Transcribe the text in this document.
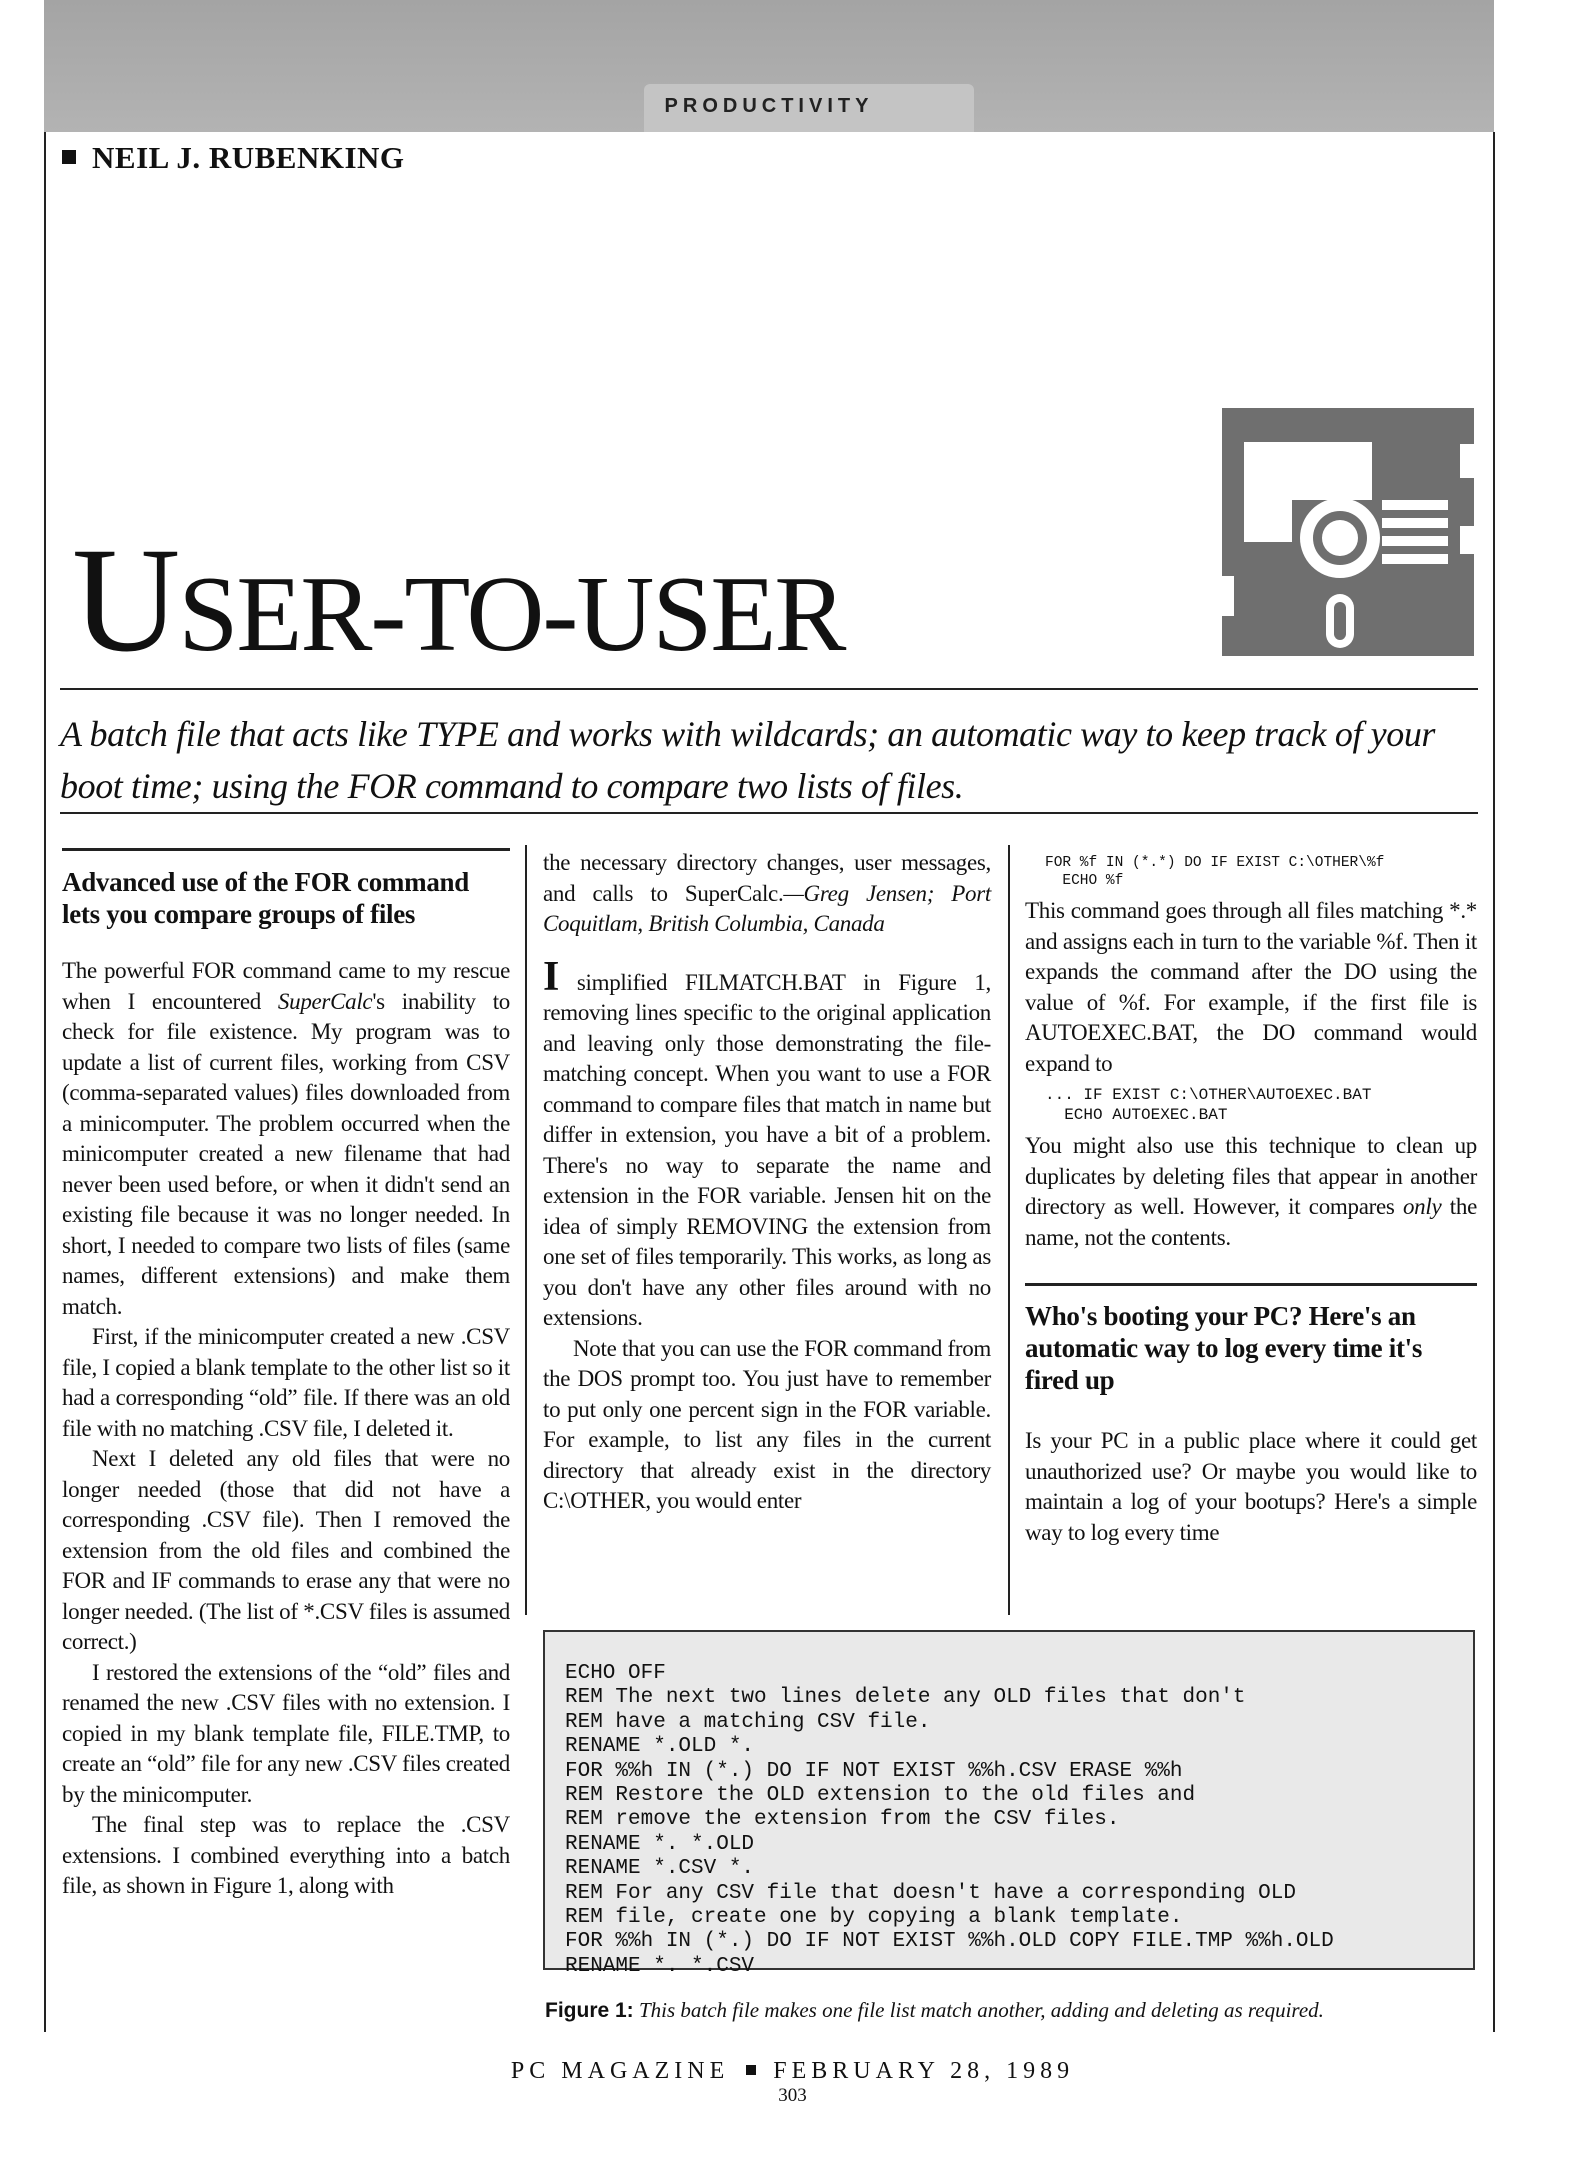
PRODUCTIVITY
NEIL J. RUBENKING
USER-TO-USER
A batch file that acts like TYPE and works with wildcards; an automatic way to keep track of your boot time; using the FOR command to compare two lists of files.
Advanced use of the FOR command lets you compare groups of files

The powerful FOR command came to my rescue when I encountered SuperCalc's inability to check for file existence. My program was to update a list of current files, working from CSV (comma-separated values) files downloaded from a minicomputer. The problem occurred when the minicomputer created a new filename that had never been used before, or when it didn't send an existing file because it was no longer needed. In short, I needed to compare two lists of files (same names, different extensions) and make them match.

First, if the minicomputer created a new .CSV file, I copied a blank template to the other list so it had a corresponding “old” file. If there was an old file with no matching .CSV file, I deleted it.

Next I deleted any old files that were no longer needed (those that did not have a corresponding .CSV file). Then I removed the extension from the old files and combined the FOR and IF commands to erase any that were no longer needed. (The list of *.CSV files is assumed correct.)

I restored the extensions of the “old” files and renamed the new .CSV files with no extension. I copied in my blank template file, FILE.TMP, to create an “old” file for any new .CSV files created by the minicomputer.

The final step was to replace the .CSV extensions. I combined everything into a batch file, as shown in Figure 1, along with

the necessary directory changes, user messages, and calls to SuperCalc.—Greg Jensen; Port Coquitlam, British Columbia, Canada

I simplified FILMATCH.BAT in Figure 1, removing lines specific to the original application and leaving only those demonstrating the file-matching concept. When you want to use a FOR command to compare files that match in name but differ in extension, you have a bit of a problem. There's no way to separate the name and extension in the FOR variable. Jensen hit on the idea of simply REMOVING the extension from one set of files temporarily. This works, as long as you don't have any other files around with no extensions.

Note that you can use the FOR command from the DOS prompt too. You just have to remember to put only one percent sign in the FOR variable. For example, to list any files in the current directory that already exist in the directory C:\OTHER, you would enter

FOR %f IN (*.*) DO IF EXIST C:\OTHER\%f
ECHO %f

This command goes through all files matching *.* and assigns each in turn to the variable %f. Then it expands the command after the DO using the value of %f. For example, if the first file is AUTOEXEC.BAT, the DO command would expand to

... IF EXIST C:\OTHER\AUTOEXEC.BAT
ECHO AUTOEXEC.BAT

You might also use this technique to clean up duplicates by deleting files that appear in another directory as well. However, it compares only the name, not the contents.

Who's booting your PC? Here's an automatic way to log every time it's fired up

Is your PC in a public place where it could get unauthorized use? Or maybe you would like to maintain a log of your bootups? Here's a simple way to log every time

ECHO OFF
REM The next two lines delete any OLD files that don't
REM have a matching CSV file.
RENAME *.OLD *.
FOR %%h IN (*.) DO IF NOT EXIST %%h.CSV ERASE %%h
REM Restore the OLD extension to the old files and
REM remove the extension from the CSV files.
RENAME *. *.OLD
RENAME *.CSV *.
REM For any CSV file that doesn't have a corresponding OLD
REM file, create one by copying a blank template.
FOR %%h IN (*.) DO IF NOT EXIST %%h.OLD COPY FILE.TMP %%h.OLD
RENAME *. *.CSV
Figure 1: This batch file makes one file list match another, adding and deleting as required.
PC MAGAZINE FEBRUARY 28, 1989
303
